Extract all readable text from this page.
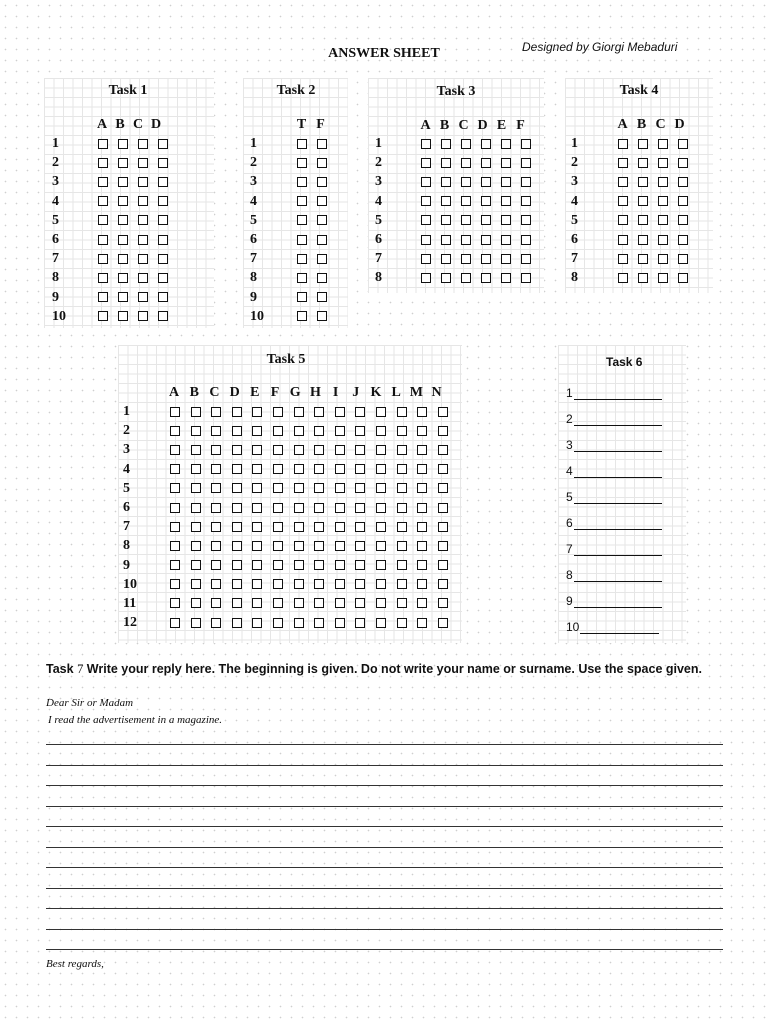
ANSWER SHEET	Designed by Giorgi Mebaduri
Task 1
A B C D
1
2
3
4
5
6
7
8
9
10
Task 2
T F
1
2
3
4
5
6
7
8
9
10
Task 3
A B C D E F
1
2
3
4
5
6
7
8
Task 4
A B C D
1
2
3
4
5
6
7
8
Task 5
A B C D E F G H I J K L M N
1
2
3
4
5
6
7
8
9
10
11
12
Task 6
1
2
3
4
5
6
7
8
9
10
Task 7 Write your reply here. The beginning is given. Do not write your name or surname. Use the space given.
Dear Sir or Madam
I read the advertisement in a magazine.
Best regards,
